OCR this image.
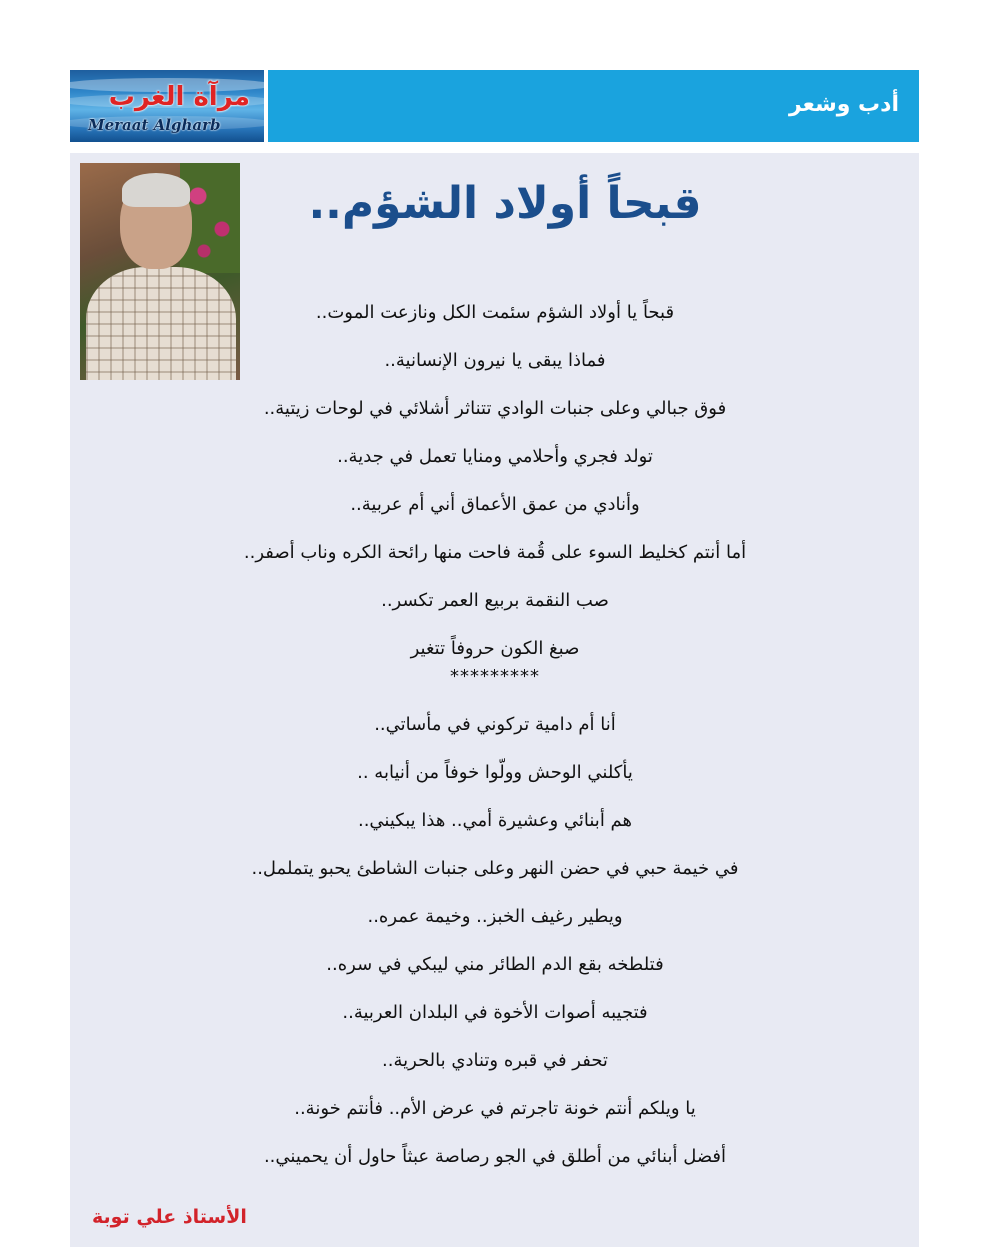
مرآة الغرب
Meraat Algharb
أدب وشعر
قبحاً أولاد الشؤم..
قبحاً يا أولاد الشؤم سئمت الكل ونازعت الموت..
فماذا يبقى يا نيرون الإنسانية..
فوق جبالي وعلى جنبات الوادي تتناثر أشلائي في لوحات زيتية..
تولد فجري وأحلامي ومنايا تعمل في جدية..
وأنادي من عمق الأعماق أني أم عربية..
أما أنتم كخليط السوء على قُمة فاحت منها رائحة الكره وناب أصفر..
صب النقمة بربيع العمر تكسر..
صبغ الكون حروفاً تتغير
*********
أنا أم دامية تركوني في مأساتي..
يأكلني الوحش وولّوا خوفاً من أنيابه ..
هم أبنائي وعشيرة أمي.. هذا يبكيني..
في خيمة حبي في حضن النهر وعلى جنبات الشاطئ يحبو يتململ..
ويطير رغيف الخبز.. وخيمة عمره..
فتلطخه بقع الدم الطائر مني ليبكي في سره..
فتجيبه أصوات الأخوة في البلدان العربية..
تحفر في قبره وتنادي بالحرية..
يا ويلكم أنتم خونة تاجرتم في عرض الأم.. فأنتم خونة..
أفضل أبنائي من أطلق في الجو رصاصة عبثاً حاول أن يحميني..
الأستاذ علي توبة
